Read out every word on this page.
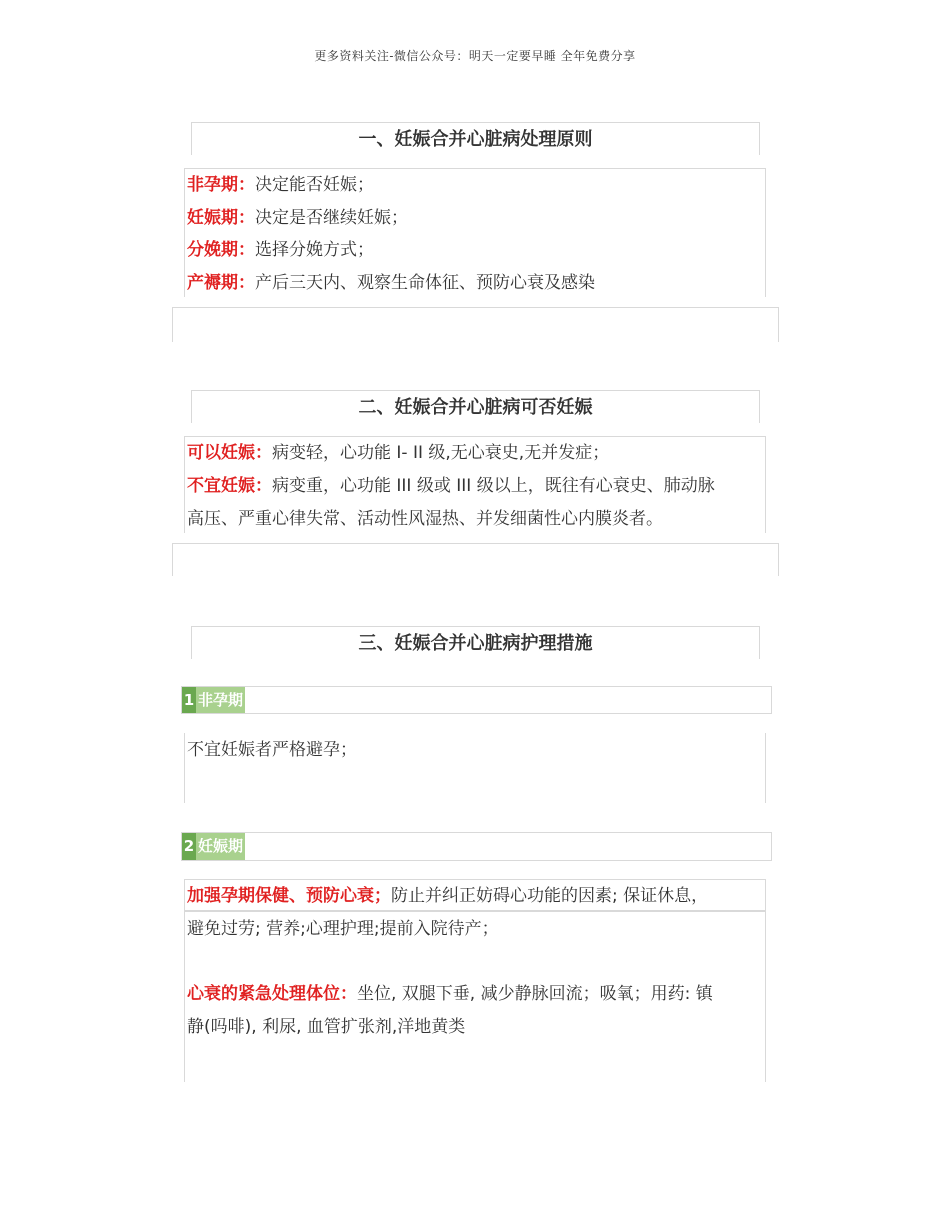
更多资料关注-微信公众号：明天一定要早睡 全年免费分享
一、妊娠合并心脏病处理原则
非孕期：决定能否妊娠；
妊娠期：决定是否继续妊娠；
分娩期：选择分娩方式；
产褥期：产后三天内、观察生命体征、预防心衰及感染
二、妊娠合并心脏病可否妊娠
可以妊娠：病变轻，心功能 I- II 级,无心衰史,无并发症；
不宜妊娠：病变重，心功能 III 级或 III 级以上，既往有心衰史、肺动脉
高压、严重心律失常、活动性风湿热、并发细菌性心内膜炎者。
三、妊娠合并心脏病护理措施
1 非孕期
不宜妊娠者严格避孕；
2 妊娠期
加强孕期保健、预防心衰；防止并纠正妨碍心功能的因素; 保证休息，
避免过劳; 营养;心理护理;提前入院待产；
心衰的紧急处理体位：坐位, 双腿下垂, 减少静脉回流；吸氧；用药: 镇
静(吗啡), 利尿, 血管扩张剂,洋地黄类
